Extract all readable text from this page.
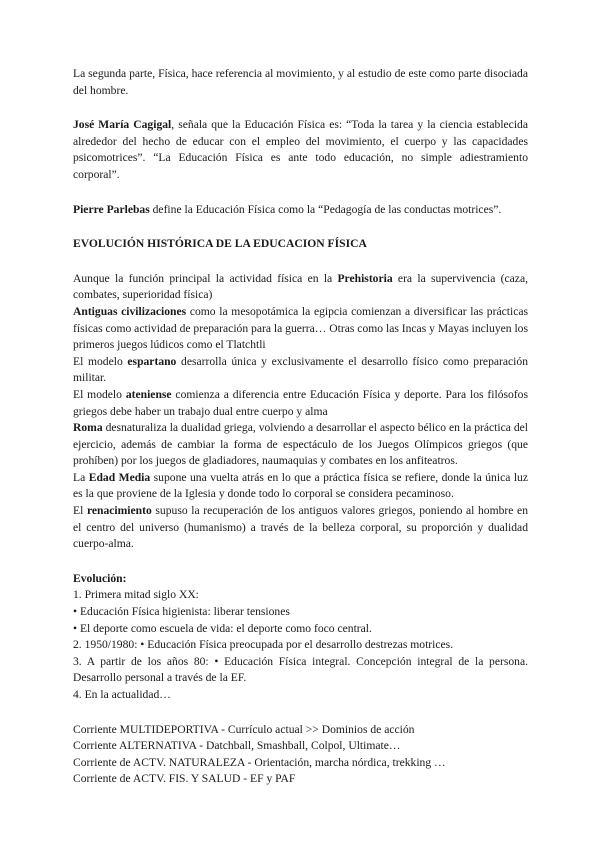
La segunda parte, Física, hace referencia al movimiento, y al estudio de este como parte disociada del hombre.

José María Cagigal, señala que la Educación Física es: “Toda la tarea y la ciencia establecida alrededor del hecho de educar con el empleo del movimiento, el cuerpo y las capacidades psicomotrices”. “La Educación Física es ante todo educación, no simple adiestramiento corporal”.

Pierre Parlebas define la Educación Física como la “Pedagogía de las conductas motrices”.

EVOLUCIÓN HISTÓRICA DE LA EDUCACION FÍSICA

Aunque la función principal la actividad física en la Prehistoria era la supervivencia (caza, combates, superioridad física)

Antiguas civilizaciones como la mesopotámica la egipcia comienzan a diversificar las prácticas físicas como actividad de preparación para la guerra… Otras como las Incas y Mayas incluyen los primeros juegos lúdicos como el Tlatchtli

El modelo espartano desarrolla única y exclusivamente el desarrollo físico como preparación militar.

El modelo ateniense comienza a diferencia entre Educación Física y deporte. Para los filósofos griegos debe haber un trabajo dual entre cuerpo y alma

Roma desnaturaliza la dualidad griega, volviendo a desarrollar el aspecto bélico en la práctica del ejercicio, además de cambiar la forma de espectáculo de los Juegos Olímpicos griegos (que prohíben) por los juegos de gladiadores, naumaquias y combates en los anfiteatros.

La Edad Media supone una vuelta atrás en lo que a práctica física se refiere, donde la única luz es la que proviene de la Iglesia y donde todo lo corporal se considera pecaminoso.

El renacimiento supuso la recuperación de los antiguos valores griegos, poniendo al hombre en el centro del universo (humanismo) a través de la belleza corporal, su proporción y dualidad cuerpo-alma.

Evolución:

1. Primera mitad siglo XX:

• Educación Física higienista: liberar tensiones

• El deporte como escuela de vida: el deporte como foco central.

2. 1950/1980: • Educación Física preocupada por el desarrollo destrezas motrices.

3. A partir de los años 80: • Educación Física integral. Concepción integral de la persona. Desarrollo personal a través de la EF.

4. En la actualidad…

Corriente MULTIDEPORTIVA - Currículo actual >> Dominios de acción

Corriente ALTERNATIVA - Datchball, Smashball, Colpol, Ultimate…

Corriente de ACTV. NATURALEZA - Orientación, marcha nórdica, trekking …

Corriente de ACTV. FIS. Y SALUD - EF y PAF
